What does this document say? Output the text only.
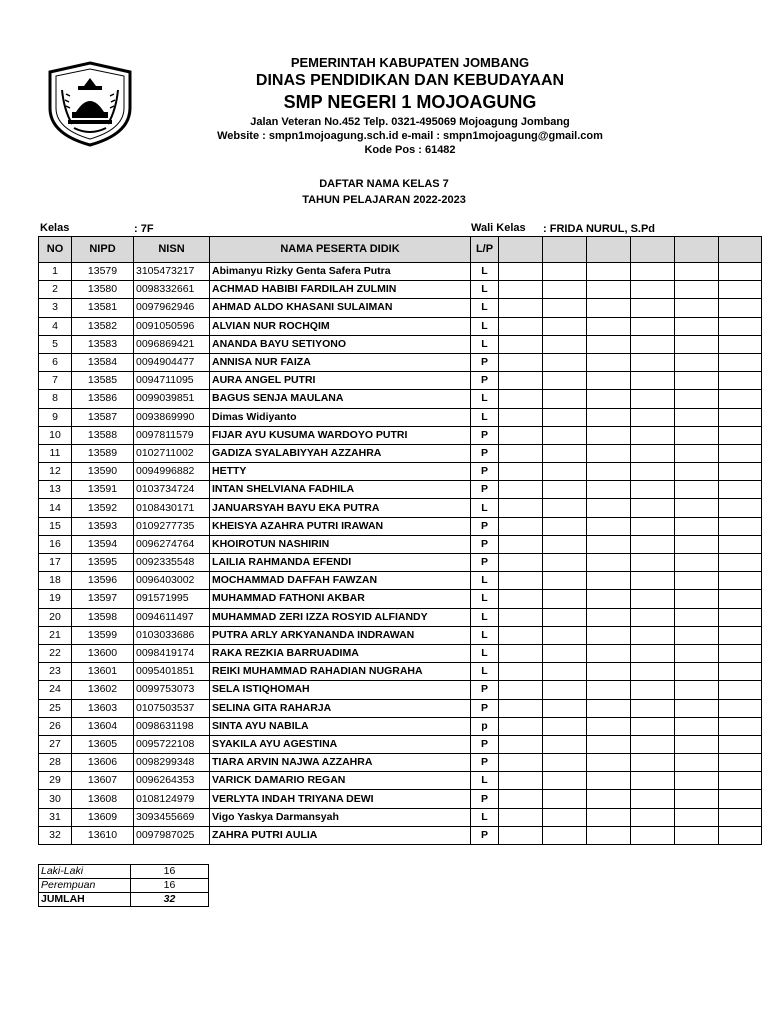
PEMERINTAH KABUPATEN JOMBANG
DINAS PENDIDIKAN DAN KEBUDAYAAN
SMP NEGERI 1 MOJOAGUNG
Jalan Veteran No.452 Telp. 0321-495069 Mojoagung Jombang
Website : smpn1mojoagung.sch.id e-mail : smpn1mojoagung@gmail.com
Kode Pos : 61482
DAFTAR NAMA KELAS 7
TAHUN PELAJARAN 2022-2023
Kelas	: 7F	Wali Kelas : FRIDA NURUL, S.Pd
NO	NIPD	NISN	NAMA PESERTA DIDIK	L/P						
1	13579	3105473217	Abimanyu Rizky Genta Safera Putra	L						
2	13580	0098332661	ACHMAD HABIBI FARDILAH ZULMIN	L						
3	13581	0097962946	AHMAD ALDO KHASANI SULAIMAN	L						
4	13582	0091050596	ALVIAN NUR ROCHQIM	L						
5	13583	0096869421	ANANDA BAYU SETIYONO	L						
6	13584	0094904477	ANNISA NUR FAIZA	P						
7	13585	0094711095	AURA ANGEL PUTRI	P						
8	13586	0099039851	BAGUS SENJA MAULANA	L						
9	13587	0093869990	Dimas Widiyanto	L						
10	13588	0097811579	FIJAR AYU KUSUMA WARDOYO PUTRI	P						
11	13589	0102711002	GADIZA SYALABIYYAH AZZAHRA	P						
12	13590	0094996882	HETTY	P						
13	13591	0103734724	INTAN SHELVIANA FADHILA	P						
14	13592	0108430171	JANUARSYAH BAYU EKA PUTRA	L						
15	13593	0109277735	KHEISYA AZAHRA PUTRI IRAWAN	P						
16	13594	0096274764	KHOIROTUN NASHIRIN	P						
17	13595	0092335548	LAILIA RAHMANDA EFENDI	P						
18	13596	0096403002	MOCHAMMAD DAFFAH FAWZAN	L						
19	13597	091571995	MUHAMMAD FATHONI AKBAR	L						
20	13598	0094611497	MUHAMMAD ZERI IZZA ROSYID ALFIANDY	L						
21	13599	0103033686	PUTRA ARLY ARKYANANDA INDRAWAN	L						
22	13600	0098419174	RAKA REZKIA BARRUADIMA	L						
23	13601	0095401851	REIKI MUHAMMAD RAHADIAN NUGRAHA	L						
24	13602	0099753073	SELA ISTIQHOMAH	P						
25	13603	0107503537	SELINA GITA RAHARJA	P						
26	13604	0098631198	SINTA AYU NABILA	p						
27	13605	0095722108	SYAKILA AYU AGESTINA	P						
28	13606	0098299348	TIARA ARVIN NAJWA AZZAHRA	P						
29	13607	0096264353	VARICK DAMARIO REGAN	L						
30	13608	0108124979	VERLYTA INDAH TRIYANA DEWI	P						
31	13609	3093455669	Vigo Yaskya Darmansyah	L						
32	13610	0097987025	ZAHRA PUTRI AULIA	P						
Laki-Laki	16
Perempuan	16
JUMLAH	32
